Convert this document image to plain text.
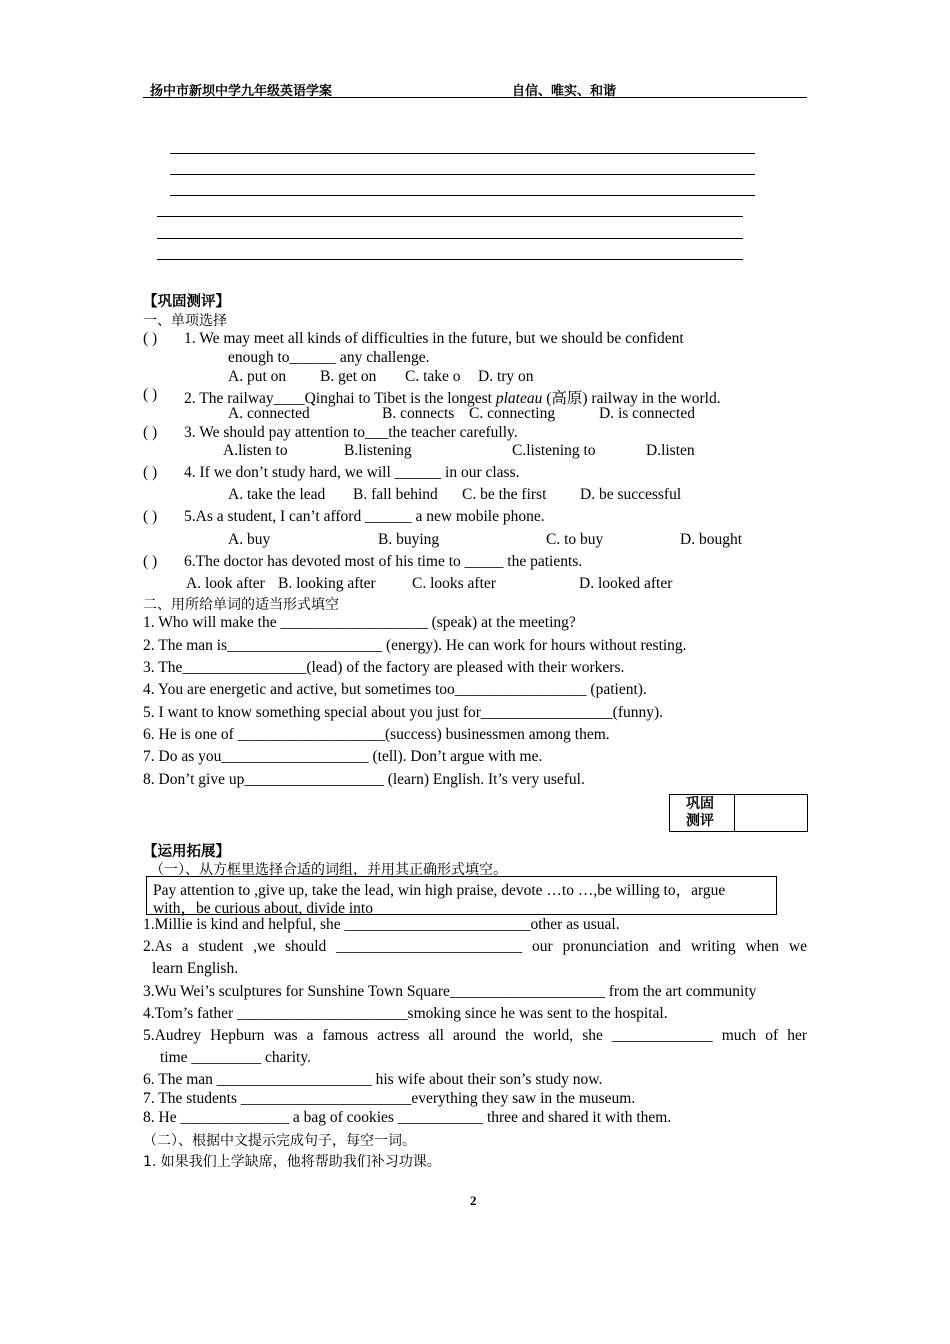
扬中市新坝中学九年级英语学案	自信、唯实、和谐
【巩固测评】
一、单项选择
( ) 1. We may meet all kinds of difficulties in the future, but we should be confident
enough to______ any challenge.
A. put on B. get on C. take o D. try on
( ) 2. The railway____Qinghai to Tibet is the longest plateau (高原) railway in the world.
A. connected	B. connects C. connecting	D. is connected
( ) 3. We should pay attention to___the teacher carefully.
A.listen to	B.listening	C.listening to	D.listen
( ) 4. If we don’t study hard, we will ______ in our class.
A. take the lead B. fall behind C. be the first D. be successful
( ) 5.As a student, I can’t afford ______ a new mobile phone.
A. buy	B. buying	C. to buy	D. bought
( ) 6.The doctor has devoted most of his time to _____ the patients.
A. look after B. looking after C. looks after	D. looked after
二、用所给单词的适当形式填空
1. Who will make the ___________________ (speak) at the meeting?
2. The man is____________________ (energy). He can work for hours without resting.
3. The________________(lead) of the factory are pleased with their workers.
4. You are energetic and active, but sometimes too_________________ (patient).
5. I want to know something special about you just for_________________(funny).
6. He is one of ___________________(success) businessmen among them.
7. Do as you___________________ (tell). Don’t argue with me.
8. Don’t give up__________________ (learn) English. It’s very useful.
巩固
测评
【运用拓展】
（一）、从方框里选择合适的词组，并用其正确形式填空。
Pay attention to ,give up, take the lead, win high praise, devote …to …,be willing to，argue
with，be curious about, divide into
1.Millie is kind and helpful, she ________________________other as usual.
2.As a student ,we should ________________________ our pronunciation and writing when we
learn English.
3.Wu Wei’s sculptures for Sunshine Town Square____________________ from the art community
4.Tom’s father ______________________smoking since he was sent to the hospital.
5.Audrey Hepburn was a famous actress all around the world, she _____________ much of her
time _________ charity.
6. The man ____________________ his wife about their son’s study now.
7. The students ______________________everything they saw in the museum.
8. He ______________ a bag of cookies ___________ three and shared it with them.
（二）、根据中文提示完成句子，每空一词。
1. 如果我们上学缺席，他将帮助我们补习功课。
2
